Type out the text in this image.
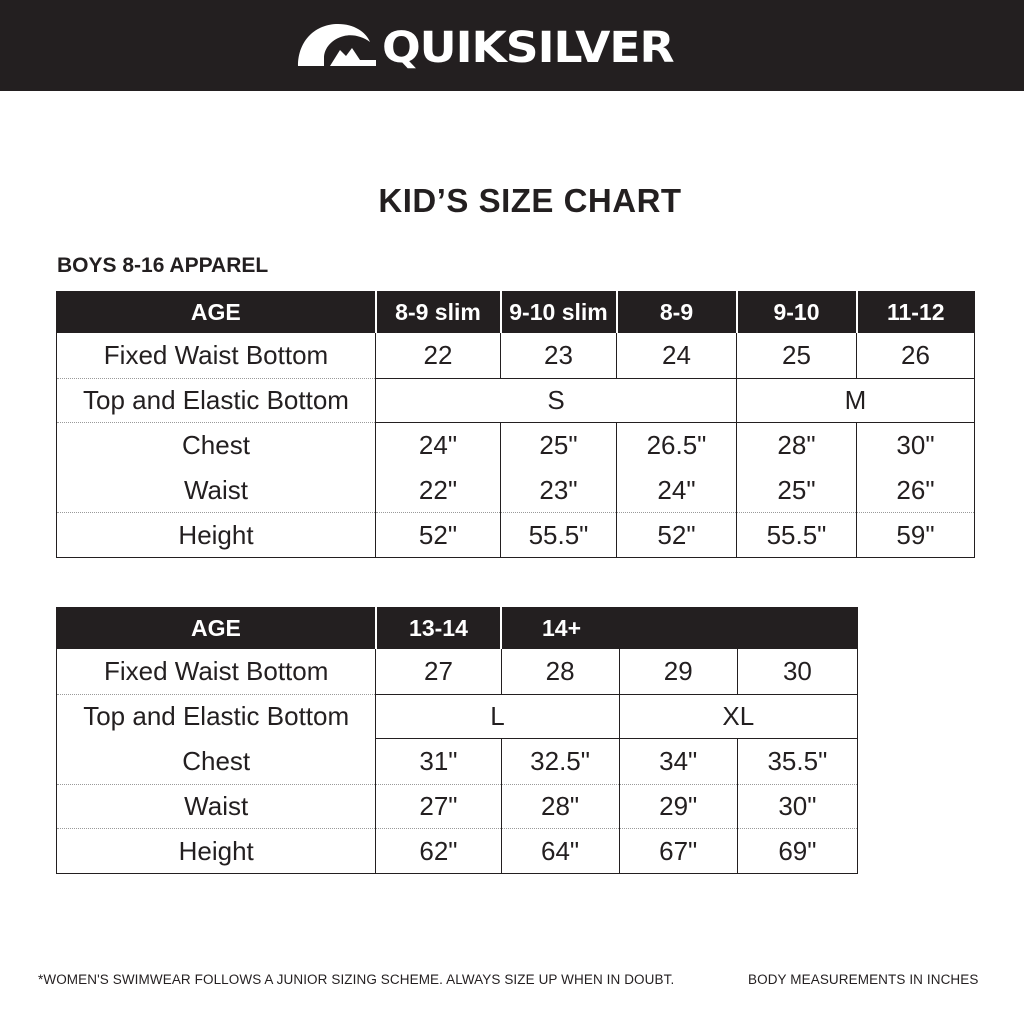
QUIKSILVER
KID’S SIZE CHART
BOYS 8-16 APPAREL
AGE	8-9 slim	9-10 slim	8-9	9-10	11-12
Fixed Waist Bottom	22	23	24	25	26
Top and Elastic Bottom	S			M	
Chest	24"	25"	26.5"	28"	30"
Waist	22"	23"	24"	25"	26"
Height	52"	55.5"	52"	55.5"	59"
AGE	13-14	14+		
Fixed Waist Bottom	27	28	29	30
Top and Elastic Bottom	L		XL	
Chest	31"	32.5"	34"	35.5"
Waist	27"	28"	29"	30"
Height	62"	64"	67"	69"
*WOMEN'S SWIMWEAR FOLLOWS A JUNIOR SIZING SCHEME. ALWAYS SIZE UP WHEN IN DOUBT.	BODY MEASUREMENTS IN INCHES
